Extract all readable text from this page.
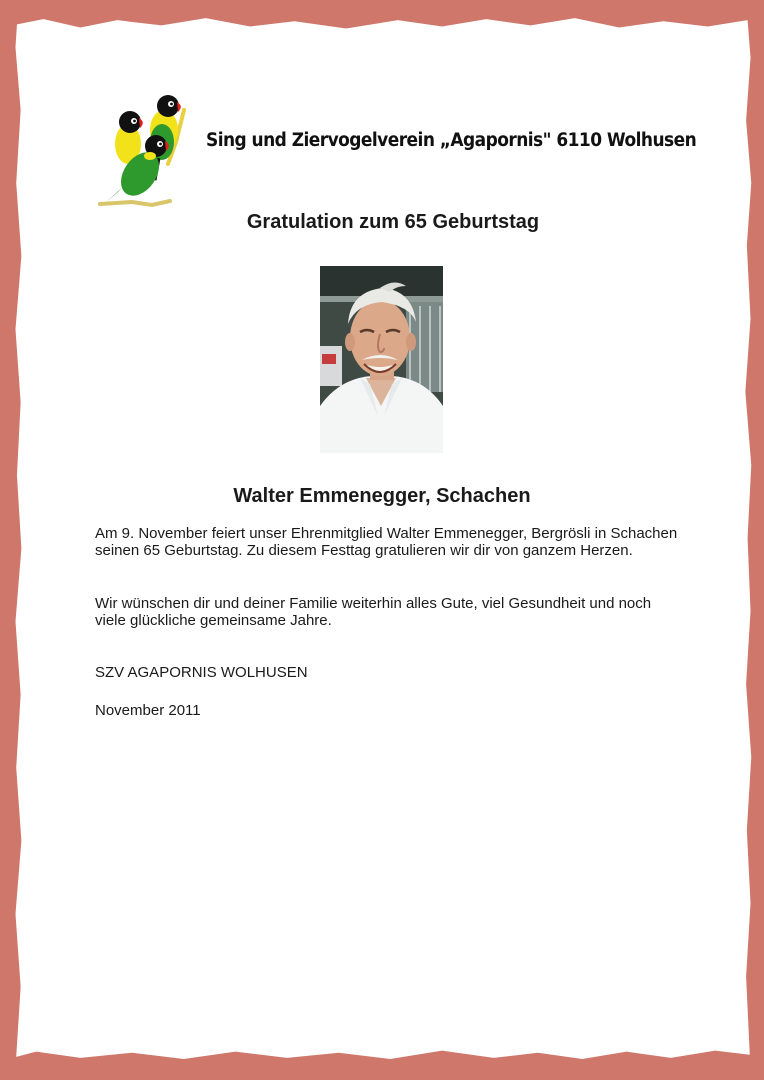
Sing und Ziervogelverein „Agapornis" 6110 Wolhusen
Gratulation zum 65 Geburtstag
Walter Emmenegger, Schachen

Am 9. November feiert unser Ehrenmitglied Walter Emmenegger, Bergrösli in Schachen seinen 65 Geburtstag. Zu diesem Festtag gratulieren wir dir von ganzem Herzen.

Wir wünschen dir und deiner Familie weiterhin alles Gute, viel Gesundheit und noch viele glückliche gemeinsame Jahre.

SZV AGAPORNIS WOLHUSEN

November 2011
